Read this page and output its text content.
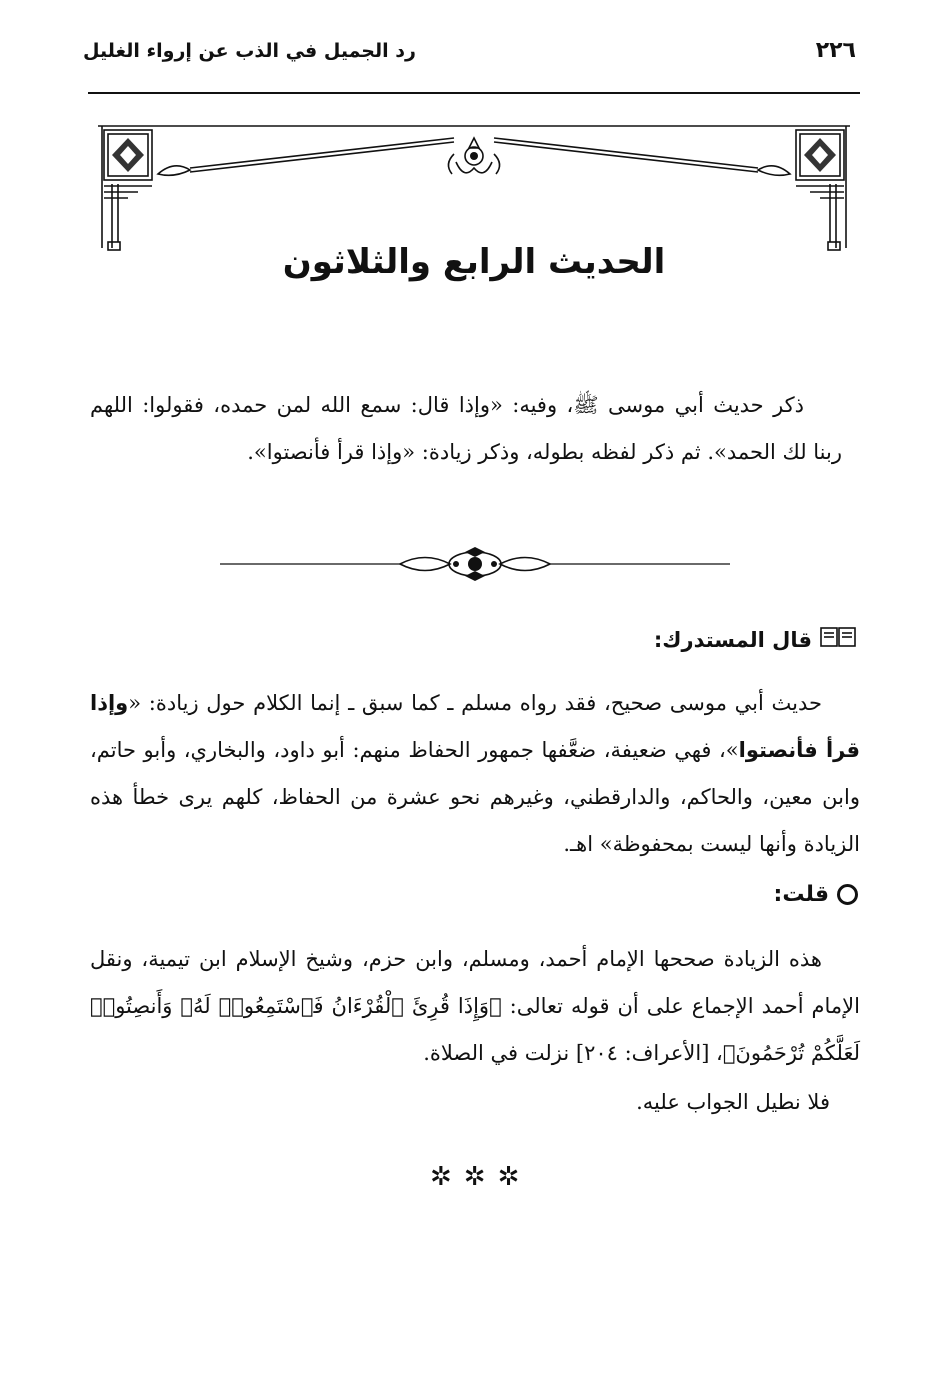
٢٢٦
رد الجميل في الذب عن إرواء الغليل
الحديث الرابع والثلاثون
ذكر حديث أبي موسى ﷺ، وفيه: «وإذا قال: سمع الله لمن حمده، فقولوا: اللهم ربنا لك الحمد». ثم ذكر لفظه بطوله، وذكر زيادة: «وإذا قرأ فأنصتوا».
قال المستدرك:
حديث أبي موسى صحيح، فقد رواه مسلم ـ كما سبق ـ إنما الكلام حول زيادة: «وإذا قرأ فأنصتوا»، فهي ضعيفة، ضعَّفها جمهور الحفاظ منهم: أبو داود، والبخاري، وأبو حاتم، وابن معين، والحاكم، والدارقطني، وغيرهم نحو عشرة من الحفاظ، كلهم يرى خطأ هذه الزيادة وأنها ليست بمحفوظة» اهـ.
قلت:
هذه الزيادة صححها الإمام أحمد، ومسلم، وابن حزم، وشيخ الإسلام ابن تيمية، ونقل الإمام أحمد الإجماع على أن قوله تعالى: ﴿وَإِذَا قُرِئَ ٱلْقُرْءَانُ فَٱسْتَمِعُوا۟ لَهُۥ وَأَنصِتُوا۟ لَعَلَّكُمْ تُرْحَمُونَ﴾، [الأعراف: ٢٠٤] نزلت في الصلاة.
فلا نطيل الجواب عليه.
✲✲✲
